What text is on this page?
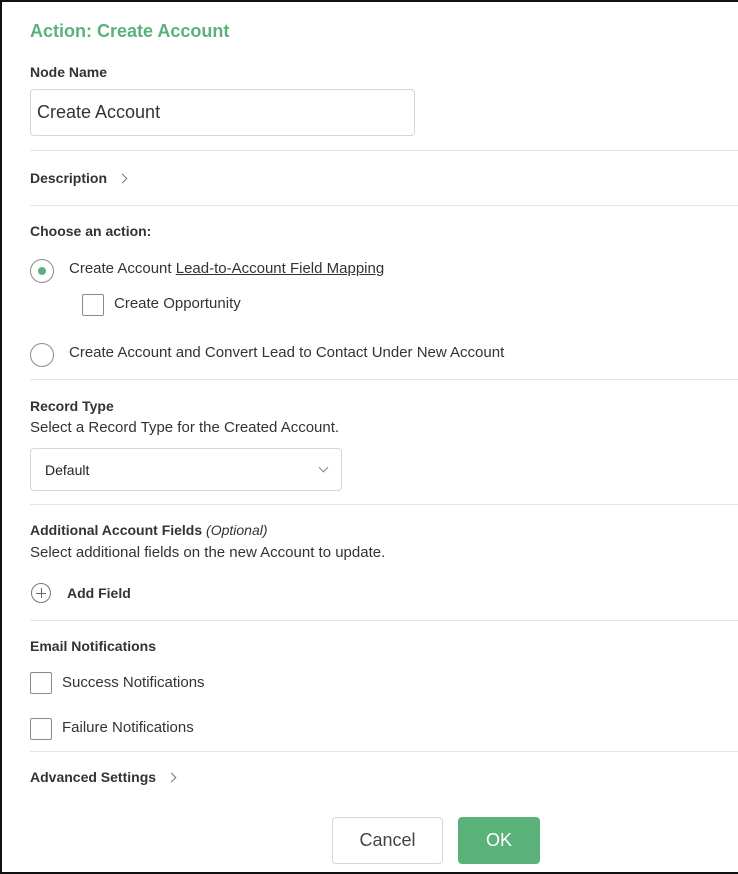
Action: Create Account
Node Name
Create Account
Description
Choose an action:
Create Account Lead-to-Account Field Mapping
Create Opportunity
Create Account and Convert Lead to Contact Under New Account
Record Type
Select a Record Type for the Created Account.
Default
Additional Account Fields (Optional)
Select additional fields on the new Account to update.
Add Field
Email Notifications
Success Notifications
Failure Notifications
Advanced Settings
Cancel	OK
